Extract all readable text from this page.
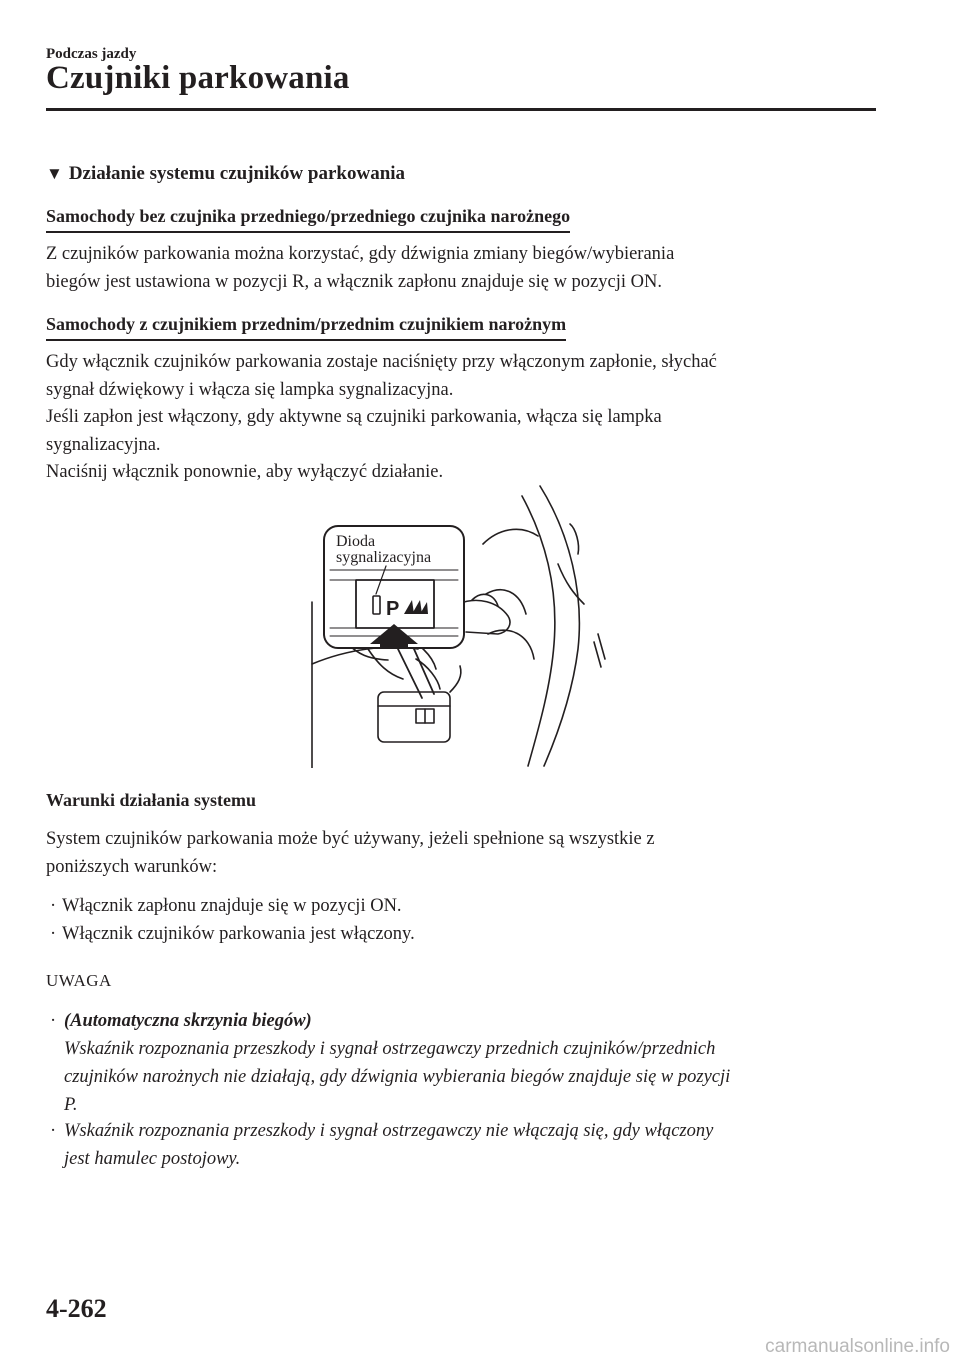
Podczas jazdy
Czujniki parkowania
▼ Działanie systemu czujników parkowania
Samochody bez czujnika przedniego/przedniego czujnika narożnego
Z czujników parkowania można korzystać, gdy dźwignia zmiany biegów/wybierania
biegów jest ustawiona w pozycji R, a włącznik zapłonu znajduje się w pozycji ON.
Samochody z czujnikiem przednim/przednim czujnikiem narożnym
Gdy włącznik czujników parkowania zostaje naciśnięty przy włączonym zapłonie, słychać
sygnał dźwiękowy i włącza się lampka sygnalizacyjna.
Jeśli zapłon jest włączony, gdy aktywne są czujniki parkowania, włącza się lampka
sygnalizacyjna.
Naciśnij włącznik ponownie, aby wyłączyć działanie.
P
Dioda
sygnalizacyjna
Warunki działania systemu
System czujników parkowania może być używany, jeżeli spełnione są wszystkie z
poniższych warunków:
· Włącznik zapłonu znajduje się w pozycji ON.
· Włącznik czujników parkowania jest włączony.
UWAGA
· (Automatyczna skrzynia biegów)
Wskaźnik rozpoznania przeszkody i sygnał ostrzegawczy przednich czujników/przednich
czujników narożnych nie działają, gdy dźwignia wybierania biegów znajduje się w pozycji
P.
· Wskaźnik rozpoznania przeszkody i sygnał ostrzegawczy nie włączają się, gdy włączony
jest hamulec postojowy.
4-262
carmanualsonline.info
